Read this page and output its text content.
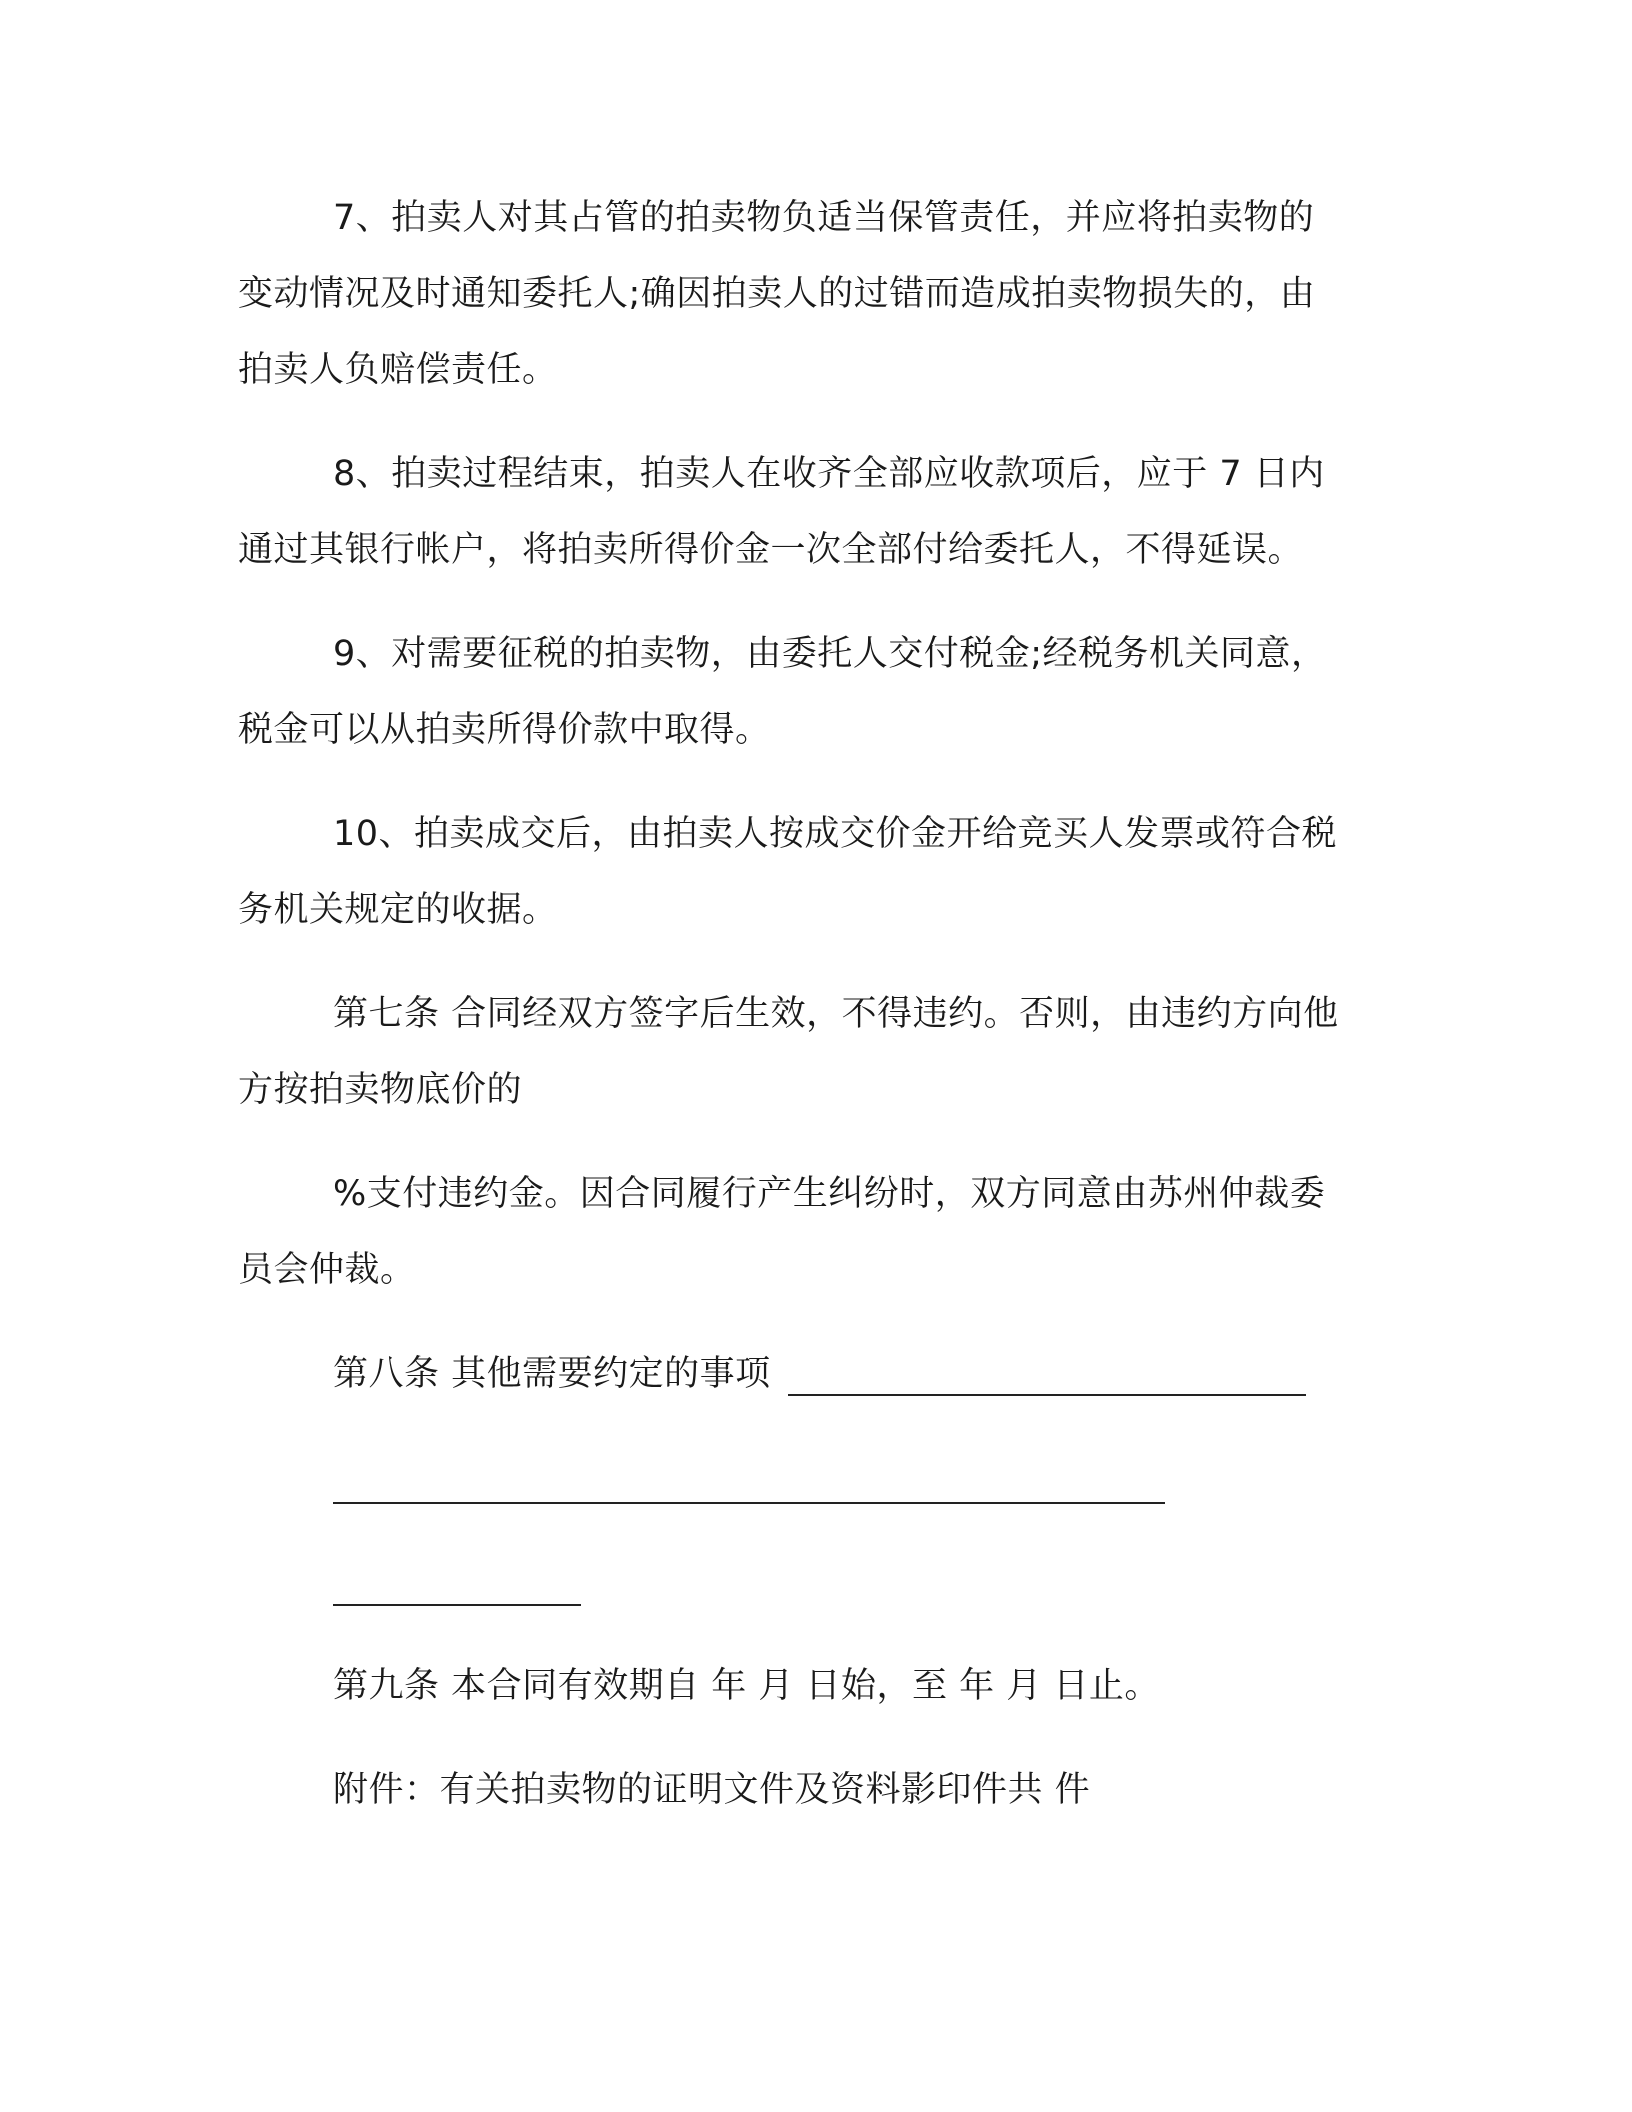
7、拍卖人对其占管的拍卖物负适当保管责任，并应将拍卖物的
变动情况及时通知委托人;确因拍卖人的过错而造成拍卖物损失的，由
拍卖人负赔偿责任。
8、拍卖过程结束，拍卖人在收齐全部应收款项后，应于 7 日内
通过其银行帐户，将拍卖所得价金一次全部付给委托人，不得延误。
9、对需要征税的拍卖物，由委托人交付税金;经税务机关同意，
税金可以从拍卖所得价款中取得。
10、拍卖成交后，由拍卖人按成交价金开给竞买人发票或符合税
务机关规定的收据。
第七条 合同经双方签字后生效，不得违约。否则，由违约方向他
方按拍卖物底价的
%支付违约金。因合同履行产生纠纷时，双方同意由苏州仲裁委
员会仲裁。
第八条 其他需要约定的事项
第九条 本合同有效期自 年 月 日始，至 年 月 日止。
附件：有关拍卖物的证明文件及资料影印件共 件
